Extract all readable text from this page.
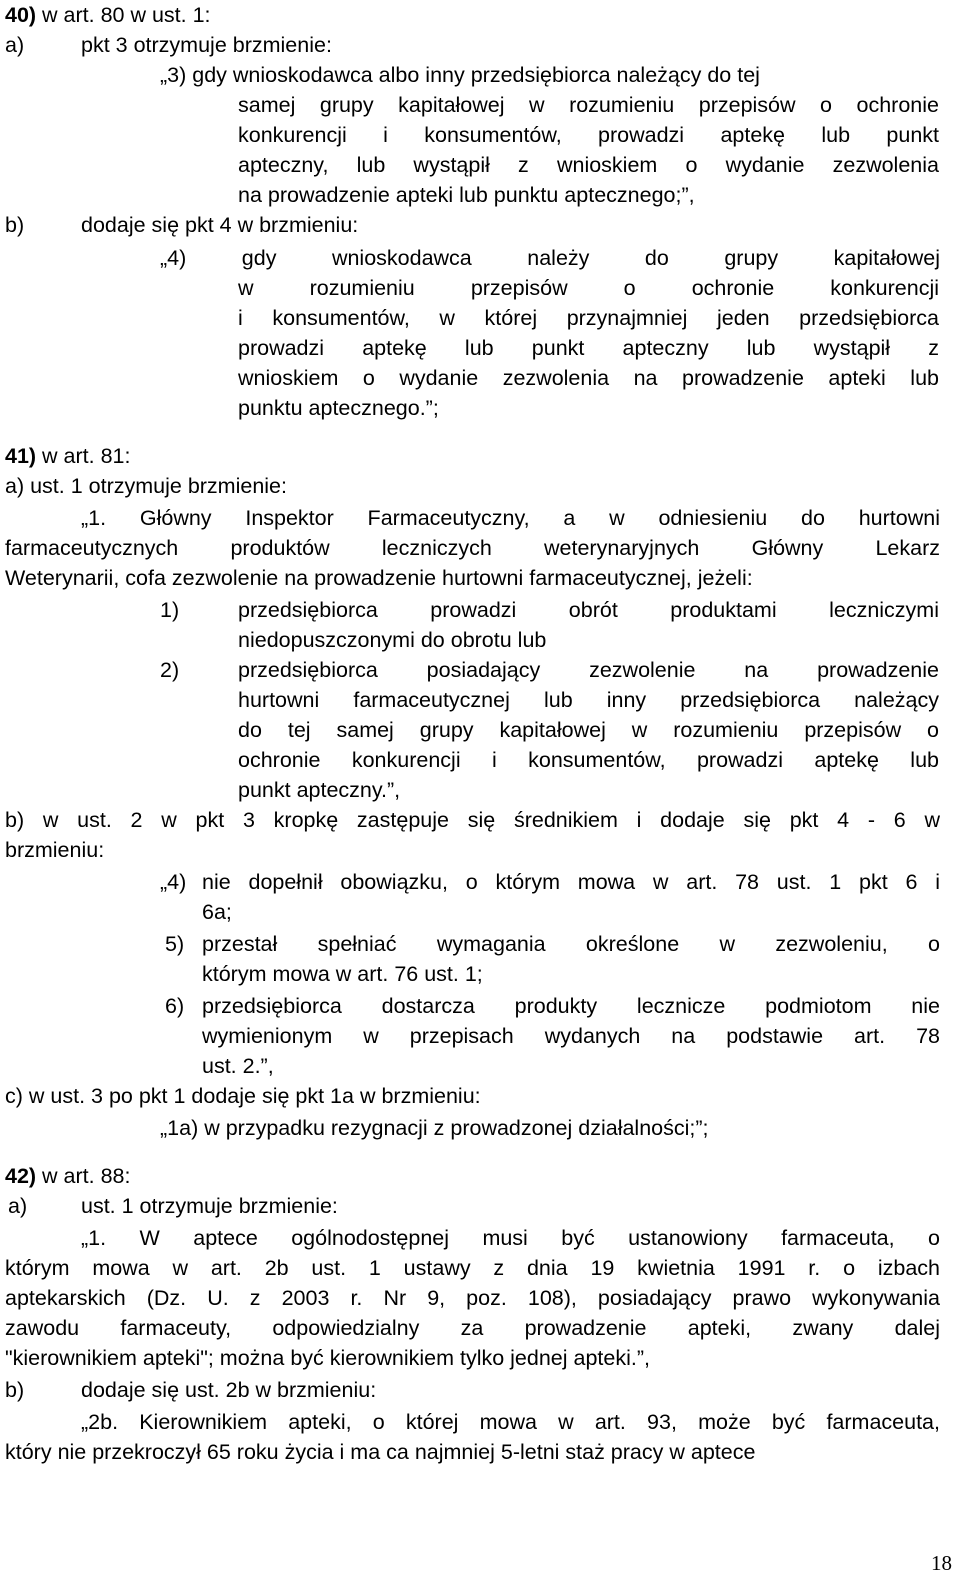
40) w art. 80 w ust. 1:
a)	pkt 3 otrzymuje brzmienie:
„3) gdy wnioskodawca albo inny przedsiębiorca należący do tej
samej grupy kapitałowej w rozumieniu przepisów o ochronie
konkurencji i konsumentów, prowadzi aptekę lub punkt
apteczny, lub wystąpił z wnioskiem o wydanie zezwolenia
na prowadzenie apteki lub punktu aptecznego;”,
b)	dodaje się pkt 4 w brzmieniu:
„4) gdy wnioskodawca należy do grupy kapitałowej
w rozumieniu przepisów o ochronie konkurencji
i konsumentów, w której przynajmniej jeden przedsiębiorca
prowadzi aptekę lub punkt apteczny lub wystąpił z
wnioskiem o wydanie zezwolenia na prowadzenie apteki lub
punktu aptecznego.”;
41) w art. 81:
a) ust. 1 otrzymuje brzmienie:
„1. Główny Inspektor Farmaceutyczny, a w odniesieniu do hurtowni
farmaceutycznych produktów leczniczych weterynaryjnych Główny Lekarz
Weterynarii, cofa zezwolenie na prowadzenie hurtowni farmaceutycznej, jeżeli:
1)	przedsiębiorca prowadzi obrót produktami leczniczymi
niedopuszczonymi do obrotu lub
2)	przedsiębiorca posiadający zezwolenie na prowadzenie
hurtowni farmaceutycznej lub inny przedsiębiorca należący
do tej samej grupy kapitałowej w rozumieniu przepisów o
ochronie konkurencji i konsumentów, prowadzi aptekę lub
punkt apteczny.”,
b) w ust. 2 w pkt 3 kropkę zastępuje się średnikiem i dodaje się pkt 4 - 6 w
brzmieniu:
„4) nie dopełnił obowiązku, o którym mowa w art. 78 ust. 1 pkt 6 i
6a;
5) przestał spełniać wymagania określone w zezwoleniu, o
którym mowa w art. 76 ust. 1;
6) przedsiębiorca dostarcza produkty lecznicze podmiotom nie
wymienionym w przepisach wydanych na podstawie art. 78
ust. 2.”,
c) w ust. 3 po pkt 1 dodaje się pkt 1a w brzmieniu:
„1a) w przypadku rezygnacji z prowadzonej działalności;”;
42) w art. 88:
a)	ust. 1 otrzymuje brzmienie:
„1. W aptece ogólnodostępnej musi być ustanowiony farmaceuta, o
którym mowa w art. 2b ust. 1 ustawy z dnia 19 kwietnia 1991 r. o izbach
aptekarskich (Dz. U. z 2003 r. Nr 9, poz. 108), posiadający prawo wykonywania
zawodu farmaceuty, odpowiedzialny za prowadzenie apteki, zwany dalej
"kierownikiem apteki"; można być kierownikiem tylko jednej apteki.”,
b)	dodaje się ust. 2b w brzmieniu:
„2b. Kierownikiem apteki, o której mowa w art. 93, może być farmaceuta,
który nie przekroczył 65 roku życia i ma ca najmniej 5-letni staż pracy w aptece
18
